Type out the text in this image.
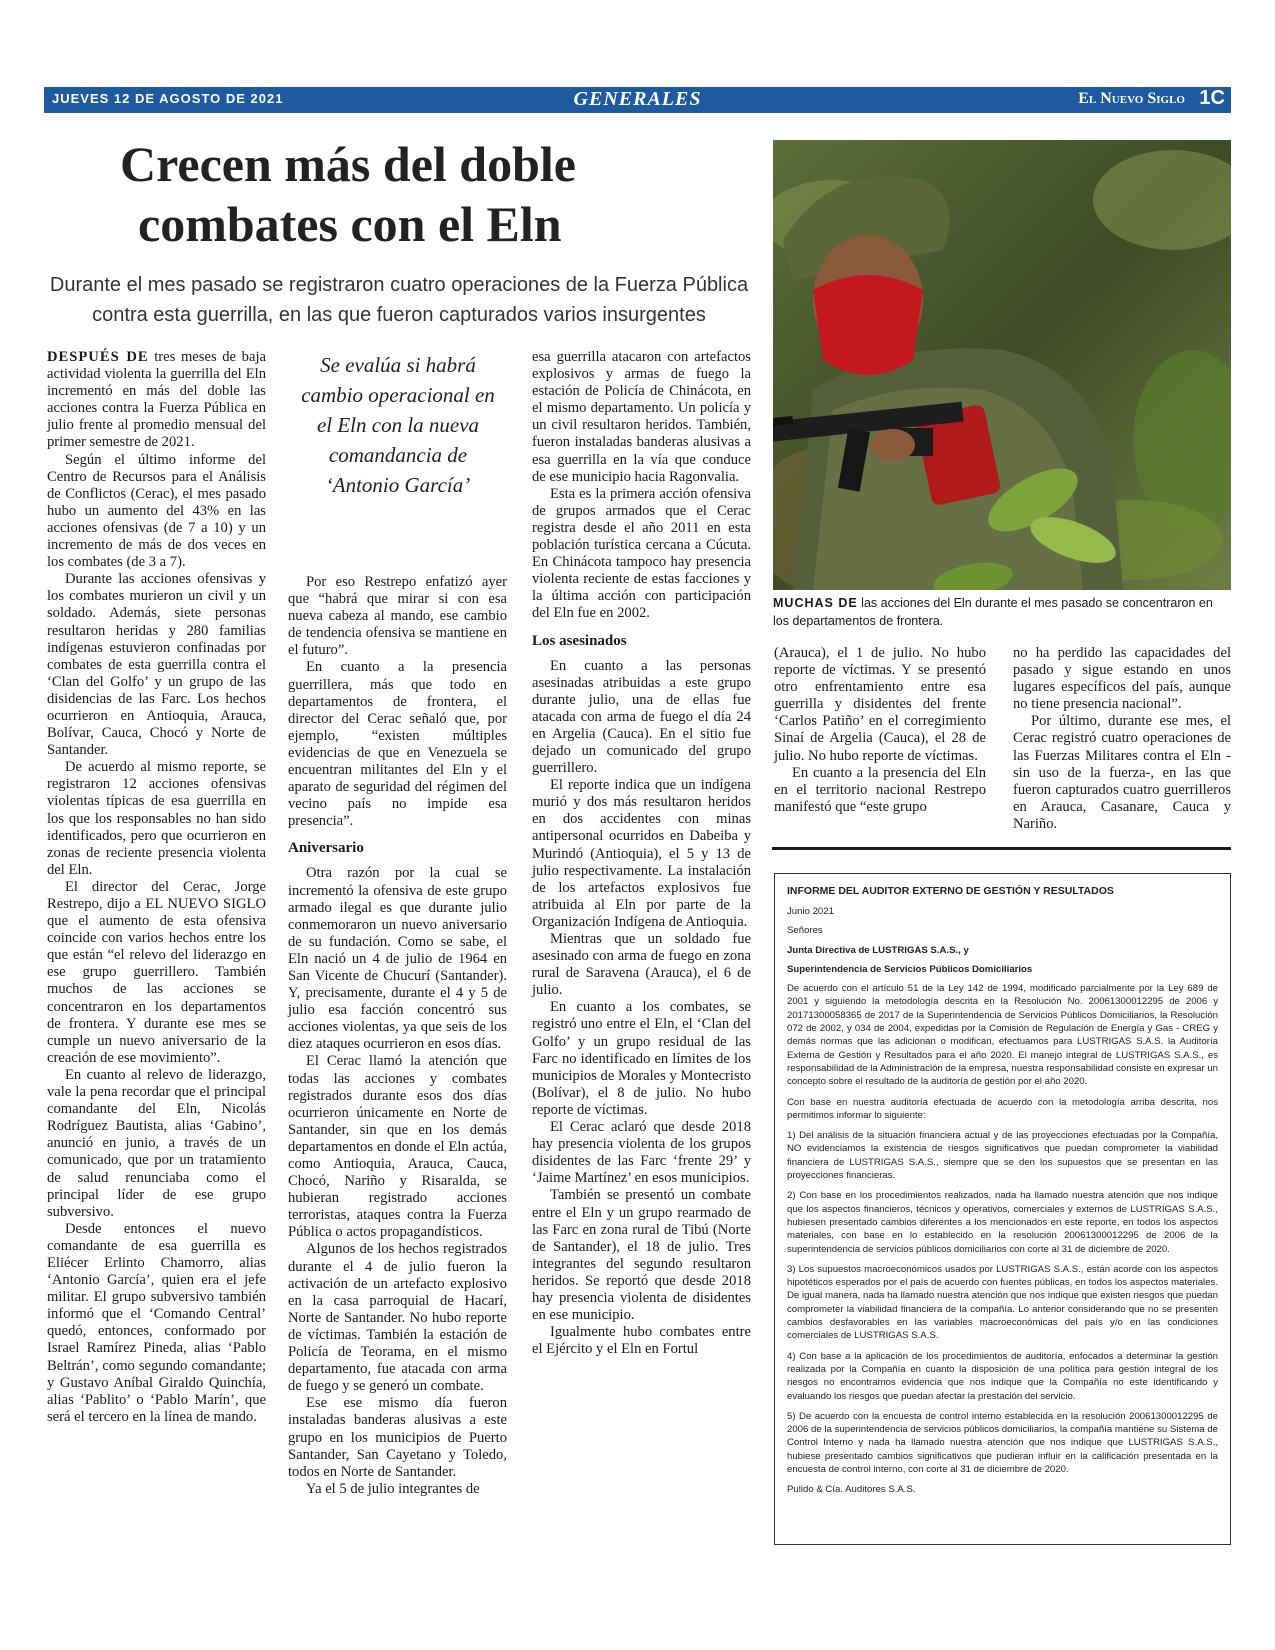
JUEVES 12 DE AGOSTO DE 2021	GENERALES	El Nuevo Siglo 1C
Crecen más del doble
combates con el Eln
Durante el mes pasado se registraron cuatro operaciones de la Fuerza Pública contra esta guerrilla, en las que fueron capturados varios insurgentes
MUCHAS DE las acciones del Eln durante el mes pasado se concentraron en los departamentos de frontera.

DESPUÉS DE tres meses de baja actividad violenta la guerrilla del Eln incrementó en más del doble las acciones contra la Fuerza Pública en julio frente al promedio mensual del primer semestre de 2021.

Según el último informe del Centro de Recursos para el Análisis de Conflictos (Cerac), el mes pasado hubo un aumento del 43% en las acciones ofensivas (de 7 a 10) y un incremento de más de dos veces en los combates (de 3 a 7).

Durante las acciones ofensivas y los combates murieron un civil y un soldado. Además, siete personas resultaron heridas y 280 familias indígenas estuvieron confinadas por combates de esta guerrilla contra el ‘Clan del Golfo’ y un grupo de las disidencias de las Farc. Los hechos ocurrieron en Antioquia, Arauca, Bolívar, Cauca, Chocó y Norte de Santander.

De acuerdo al mismo reporte, se registraron 12 acciones ofensivas violentas típicas de esa guerrilla en los que los responsables no han sido identificados, pero que ocurrieron en zonas de reciente presencia violenta del Eln.

El director del Cerac, Jorge Restrepo, dijo a EL NUEVO SIGLO que el aumento de esta ofensiva coincide con varios hechos entre los que están “el relevo del liderazgo en ese grupo guerrillero. También muchos de las acciones se concentraron en los departamentos de frontera. Y durante ese mes se cumple un nuevo aniversario de la creación de ese movimiento”.

En cuanto al relevo de liderazgo, vale la pena recordar que el principal comandante del Eln, Nicolás Rodríguez Bautista, alias ‘Gabino’, anunció en junio, a través de un comunicado, que por un tratamiento de salud renunciaba como el principal líder de ese grupo subversivo.

Desde entonces el nuevo comandante de esa guerrilla es Eliécer Erlinto Chamorro, alias ‘Antonio García’, quien era el jefe militar. El grupo subversivo también informó que el ‘Comando Central’ quedó, entonces, conformado por Israel Ramírez Pineda, alias ‘Pablo Beltrán’, como segundo comandante; y Gustavo Aníbal Giraldo Quinchía, alias ‘Pablito’ o ‘Pablo Marín’, que será el tercero en la línea de mando.

Se evalúa si habrá cambio operacional en el Eln con la nueva comandancia de ‘Antonio García’

Por eso Restrepo enfatizó ayer que “habrá que mirar si con esa nueva cabeza al mando, ese cambio de tendencia ofensiva se mantiene en el futuro”.

En cuanto a la presencia guerrillera, más que todo en departamentos de frontera, el director del Cerac señaló que, por ejemplo, “existen múltiples evidencias de que en Venezuela se encuentran militantes del Eln y el aparato de seguridad del régimen del vecino país no impide esa presencia”.

Aniversario

Otra razón por la cual se incrementó la ofensiva de este grupo armado ilegal es que durante julio conmemoraron un nuevo aniversario de su fundación. Como se sabe, el Eln nació un 4 de julio de 1964 en San Vicente de Chucurí (Santander). Y, precisamente, durante el 4 y 5 de julio esa facción concentró sus acciones violentas, ya que seis de los diez ataques ocurrieron en esos días.

El Cerac llamó la atención que todas las acciones y combates registrados durante esos dos días ocurrieron únicamente en Norte de Santander, sin que en los demás departamentos en donde el Eln actúa, como Antioquia, Arauca, Cauca, Chocó, Nariño y Risaralda, se hubieran registrado acciones terroristas, ataques contra la Fuerza Pública o actos propagandísticos.

Algunos de los hechos registrados durante el 4 de julio fueron la activación de un artefacto explosivo en la casa parroquial de Hacarí, Norte de Santander. No hubo reporte de víctimas. También la estación de Policía de Teorama, en el mismo departamento, fue atacada con arma de fuego y se generó un combate.

Ese ese mismo día fueron instaladas banderas alusivas a este grupo en los municipios de Puerto Santander, San Cayetano y Toledo, todos en Norte de Santander.

Ya el 5 de julio integrantes de

esa guerrilla atacaron con artefactos explosivos y armas de fuego la estación de Policía de Chinácota, en el mismo departamento. Un policía y un civil resultaron heridos. También, fueron instaladas banderas alusivas a esa guerrilla en la vía que conduce de ese municipio hacia Ragonvalia.

Esta es la primera acción ofensiva de grupos armados que el Cerac registra desde el año 2011 en esta población turística cercana a Cúcuta. En Chinácota tampoco hay presencia violenta reciente de estas facciones y la última acción con participación del Eln fue en 2002.

Los asesinados

En cuanto a las personas asesinadas atribuidas a este grupo durante julio, una de ellas fue atacada con arma de fuego el día 24 en Argelia (Cauca). En el sitio fue dejado un comunicado del grupo guerrillero.

El reporte indica que un indígena murió y dos más resultaron heridos en dos accidentes con minas antipersonal ocurridos en Dabeiba y Murindó (Antioquia), el 5 y 13 de julio respectivamente. La instalación de los artefactos explosivos fue atribuida al Eln por parte de la Organización Indígena de Antioquia.

Mientras que un soldado fue asesinado con arma de fuego en zona rural de Saravena (Arauca), el 6 de julio.

En cuanto a los combates, se registró uno entre el Eln, el ‘Clan del Golfo’ y un grupo residual de las Farc no identificado en límites de los municipios de Morales y Montecristo (Bolívar), el 8 de julio. No hubo reporte de víctimas.

El Cerac aclaró que desde 2018 hay presencia violenta de los grupos disidentes de las Farc ‘frente 29’ y ‘Jaime Martínez’ en esos municipios.

También se presentó un combate entre el Eln y un grupo rearmado de las Farc en zona rural de Tibú (Norte de Santander), el 18 de julio. Tres integrantes del segundo resultaron heridos. Se reportó que desde 2018 hay presencia violenta de disidentes en ese municipio.

Igualmente hubo combates entre el Ejército y el Eln en Fortul

(Arauca), el 1 de julio. No hubo reporte de víctimas. Y se presentó otro enfrentamiento entre esa guerrilla y disidentes del frente ‘Carlos Patiño’ en el corregimiento Sinaí de Argelia (Cauca), el 28 de julio. No hubo reporte de víctimas.

En cuanto a la presencia del Eln en el territorio nacional Restrepo manifestó que “este grupo

no ha perdido las capacidades del pasado y sigue estando en unos lugares específicos del país, aunque no tiene presencia nacional”.

Por último, durante ese mes, el Cerac registró cuatro operaciones de las Fuerzas Militares contra el Eln -sin uso de la fuerza-, en las que fueron capturados cuatro guerrilleros en Arauca, Casanare, Cauca y Nariño.

INFORME DEL AUDITOR EXTERNO DE GESTIÓN Y RESULTADOS
Junio 2021
Señores
Junta Directiva de LUSTRIGAS S.A.S., y
Superintendencia de Servicios Públicos Domiciliarios
De acuerdo con el artículo 51 de la Ley 142 de 1994, modificado parcialmente por la Ley 689 de 2001 y siguiendo la metodología descrita en la Resolución No. 20061300012295 de 2006 y 20171300058365 de 2017 de la Superintendencia de Servicios Públicos Domiciliarios, la Resolución 072 de 2002, y 034 de 2004, expedidas por la Comisión de Regulación de Energía y Gas - CREG y demás normas que las adicionan o modifican, efectuamos para LUSTRIGAS S.A.S. la Auditoría Externa de Gestión y Resultados para el año 2020. El manejo integral de LUSTRIGAS S.A.S., es responsabilidad de la Administración de la empresa, nuestra responsabilidad consiste en expresar un concepto sobre el resultado de la auditoría de gestión por el año 2020.
Con base en nuestra auditoría efectuada de acuerdo con la metodología arriba descrita, nos permitimos informar lo siguiente:
1) Del análisis de la situación financiera actual y de las proyecciones efectuadas por la Compañía, NO evidenciamos la existencia de riesgos significativos que puedan comprometer la viabilidad financiera de LUSTRIGAS S.A.S., siempre que se den los supuestos que se presentan en las proyecciones financieras.
2) Con base en los procedimientos realizados, nada ha llamado nuestra atención que nos indique que los aspectos financieros, técnicos y operativos, comerciales y externos de LUSTRIGAS S.A.S., hubiesen presentado cambios diferentes a los mencionados en este reporte, en todos los aspectos materiales, con base en lo establecido en la resolución 20061300012295 de 2006 de la superintendencia de servicios públicos domiciliarios con corte al 31 de diciembre de 2020.
3) Los supuestos macroeconómicos usados por LUSTRIGAS S.A.S., están acorde con los aspectos hipotéticos esperados por el país de acuerdo con fuentes públicas, en todos los aspectos materiales. De igual manera, nada ha llamado nuestra atención que nos indique que existen riesgos que puedan comprometer la viabilidad financiera de la compañía. Lo anterior considerando que no se presenten cambios desfavorables en las variables macroeconómicas del país y/o en las condiciones comerciales de LUSTRIGAS S.A.S.
4) Con base a la aplicación de los procedimientos de auditoría, enfocados a determinar la gestión realizada por la Compañía en cuanto la disposición de una política para gestión integral de los riesgos no encontramos evidencia que nos indique que la Compañía no este identificando y evaluando los riesgos que puedan afectar la prestación del servicio.
5) De acuerdo con la encuesta de control interno establecida en la resolución 20061300012295 de 2006 de la superintendencia de servicios públicos domiciliarios, la compañía mantiene su Sistema de Control Interno y nada ha llamado nuestra atención que nos indique que LUSTRIGAS S.A.S., hubiese presentado cambios significativos que pudieran influir en la calificación presentada en la encuesta de control interno, con corte al 31 de diciembre de 2020.
Pulido & Cía. Auditores S.A.S.
